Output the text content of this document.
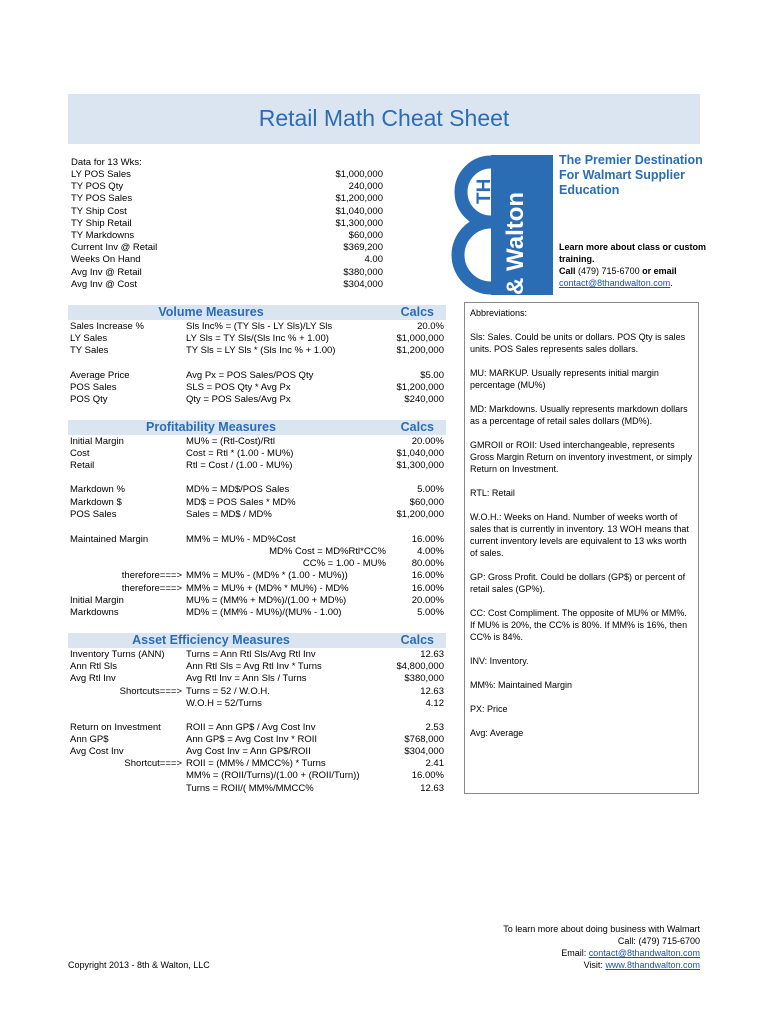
Retail Math Cheat Sheet
Data for 13 Wks:
LY POS Sales	$1,000,000
TY POS Qty	240,000
TY POS Sales	$1,200,000
TY Ship Cost	$1,040,000
TY Ship Retail	$1,300,000
TY Markdowns	$60,000
Current Inv @ Retail	$369,200
Weeks On Hand	4.00
Avg Inv @ Retail	$380,000
Avg Inv @ Cost	$304,000
Volume Measures	Calcs
Profitability Measures	Calcs
Asset Efficiency Measures	Calcs
Sales Increase %	Sls Inc% = (TY Sls - LY Sls)/LY Sls	20.0%
LY Sales	LY Sls = TY Sls/(Sls Inc % + 1.00)	$1,000,000
TY Sales	TY Sls = LY Sls * (Sls Inc % + 1.00)	$1,200,000
Average Price	Avg Px = POS Sales/POS Qty	$5.00
POS Sales	SLS = POS Qty * Avg Px	$1,200,000
POS Qty	Qty = POS Sales/Avg Px	$240,000
Initial Margin	MU% = (Rtl-Cost)/Rtl	20.00%
Cost	Cost = Rtl * (1.00 - MU%)	$1,040,000
Retail	Rtl = Cost / (1.00 - MU%)	$1,300,000
Markdown %	MD% = MD$/POS Sales	5.00%
Markdown $	MD$ = POS Sales * MD%	$60,000
POS Sales	Sales = MD$ / MD%	$1,200,000
Maintained Margin	MM% = MU% - MD%Cost	16.00%
MD% Cost = MD%Rtl*CC%	4.00%
CC% = 1.00 - MU%	80.00%
therefore===> MM% = MU% - (MD% * (1.00 - MU%))	16.00%
therefore===> MM% = MU% + (MD% * MU%) - MD%	16.00%
Initial Margin	MU% = (MM% + MD%)/(1.00 + MD%)	20.00%
Markdowns	MD% = (MM% - MU%)/(MU% - 1.00)	5.00%
Inventory Turns (ANN) Turns = Ann Rtl Sls/Avg Rtl Inv	12.63
Ann Rtl Sls	Ann Rtl Sls = Avg Rtl Inv * Turns	$4,800,000
Avg Rtl Inv	Avg Rtl Inv = Ann Sls / Turns	$380,000
Shortcuts===> Turns = 52 / W.O.H.	12.63
W.O.H = 52/Turns	4.12
Return on Investment	ROII = Ann GP$ / Avg Cost Inv	2.53
Ann GP$	Ann GP$ = Avg Cost Inv * ROII	$768,000
Avg Cost Inv	Avg Cost Inv = Ann GP$/ROII	$304,000
Shortcut===> ROII = (MM% / MMCC%) * Turns	2.41
MM% = (ROII/Turns)/(1.00 + (ROII/Turn))	16.00%
Turns = ROII/( MM%/MMCC%	12.63
TH
& Walton
The Premier Destination For Walmart Supplier Education
Learn more about class or custom training.
Call (479) 715-6700 or email
contact@8thandwalton.com.

Abbreviations:

Sls: Sales. Could be units or dollars. POS Qty is sales units. POS Sales represents sales dollars.

MU: MARKUP. Usually represents initial margin percentage (MU%)

MD: Markdowns. Usually represents markdown dollars as a percentage of retail sales dollars (MD%).

GMROII or ROII: Used interchangeable, represents Gross Margin Return on inventory investment, or simply Return on Investment.

RTL: Retail

W.O.H.: Weeks on Hand. Number of weeks worth of sales that is currently in inventory. 13 WOH means that current inventory levels are equivalent to 13 wks worth of sales.

GP: Gross Profit. Could be dollars (GP$) or percent of retail sales (GP%).

CC: Cost Compliment. The opposite of MU% or MM%. If MU% is 20%, the CC% is 80%. If MM% is 16%, then CC% is 84%.

INV: Inventory.

MM%: Maintained Margin

PX: Price

Avg: Average

To learn more about doing business with Walmart
Call: (479) 715-6700
Email: contact@8thandwalton.com
Visit: www.8thandwalton.com
Copyright 2013 - 8th & Walton, LLC
